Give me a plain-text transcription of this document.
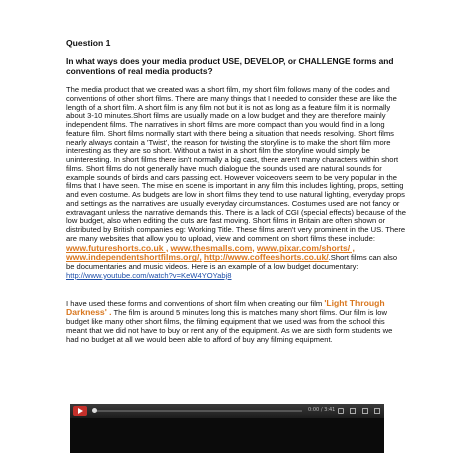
Question 1

In what ways does your media product USE, DEVELOP, or CHALLENGE forms and conventions of real media products?

The media product that we created was a short film, my short film follows many of the codes and conventions of other short films. There are many things that I needed to consider these are like the length of a short film. A short film is any film not but it is not as long as a feature film it is normally about 3-10 minutes.Short films are usually made on a low budget and they are therefore mainly independent films. The narratives in short films are more compact than you would find in a long feature film. Short films normally start with there being a situation that needs resolving. Short films nearly always contain a 'Twist', the reason for twisting the storyline is to make the short film more interesting as they are so short. Without a twist in a short film the storyline would simply be uninteresting. In short films there isn't normally a big cast, there aren't many characters within short films. Short films do not generally have much dialogue the sounds used are natural sounds for example sounds of birds and cars passing ect. However voiceovers seem to be very popular in the films that I have seen. The mise en scene is important in any film this includes lighting, props, setting and even costume. As budgets are low in short films they tend to use natural lighting, everyday props and settings as the narratives are usually everyday circumstances. Costumes used are not fancy or extravagant unless the narrative demands this. There is a lack of CGI (special effects) because of the low budget, also when editing the cuts are fast moving. Short films in Britain are often shown or distributed by British companies eg: Working Title. These films aren't very prominent in the US. There are many websites that allow you to upload, view and comment on short films these include: www.futureshorts.co.uk , www.thesmalls.com, www.pixar.com/shorts/ , www.independentshortfilms.org/, http://www.coffeeshorts.co.uk/.Short films can also be documentaries and music videos. Here is an example of a low budget documentary: http://www.youtube.com/watch?v=KeW4YOYabj8

I have used these forms and conventions of short film when creating our film 'Light Through Darkness' . The film is around 5 minutes long this is matches many short films. Our film is low budget like many other short films, the filming equipment that we used was from the school this meant that we did not have to buy or rent any of the equipment. As we are sixth form students we had no budget at all we would been able to afford of buy any filming equipment.

0:00 / 3:41
